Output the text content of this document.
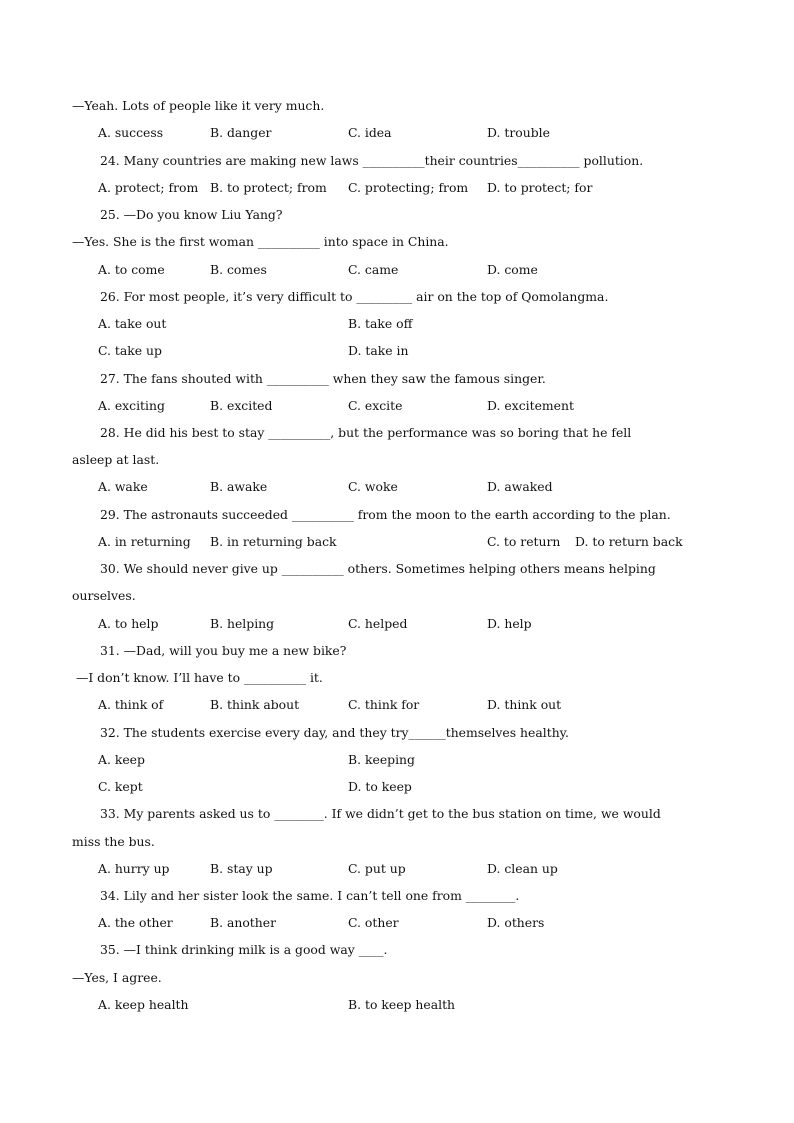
—Yeah. Lots of people like it very much.
A. success	B. danger	C. idea	D. trouble
24. Many countries are making new laws __________their countries__________ pollution.
A. protect; from B. to protect; from C. protecting; from D. to protect; for
25. —Do you know Liu Yang?
—Yes. She is the first woman __________ into space in China.
A. to come	B. comes	C. came	D. come
26. For most people, it’s very difficult to _________ air on the top of Qomolangma.
A. take out	B. take off
C. take up	D. take in
27. The fans shouted with __________ when they saw the famous singer.
A. exciting	B. excited	C. excite	D. excitement
28. He did his best to stay __________, but the performance was so boring that he fell
asleep at last.
A. wake	B. awake	C. woke	D. awaked
29. The astronauts succeeded __________ from the moon to the earth according to the plan.
A. in returning B. in returning back	C. to return D. to return back
30. We should never give up __________ others. Sometimes helping others means helping
ourselves.
A. to help	B. helping	C. helped	D. help
31. —Dad, will you buy me a new bike?
—I don’t know. I’ll have to __________ it.
A. think of	B. think about	C. think for	D. think out
32. The students exercise every day, and they try______themselves healthy.
A. keep	B. keeping
C. kept	D. to keep
33. My parents asked us to ________. If we didn’t get to the bus station on time, we would
miss the bus.
A. hurry up	B. stay up	C. put up	D. clean up
34. Lily and her sister look the same. I can’t tell one from ________.
A. the other	B. another	C. other	D. others
35. —I think drinking milk is a good way ____.
—Yes, I agree.
A. keep health	B. to keep health
